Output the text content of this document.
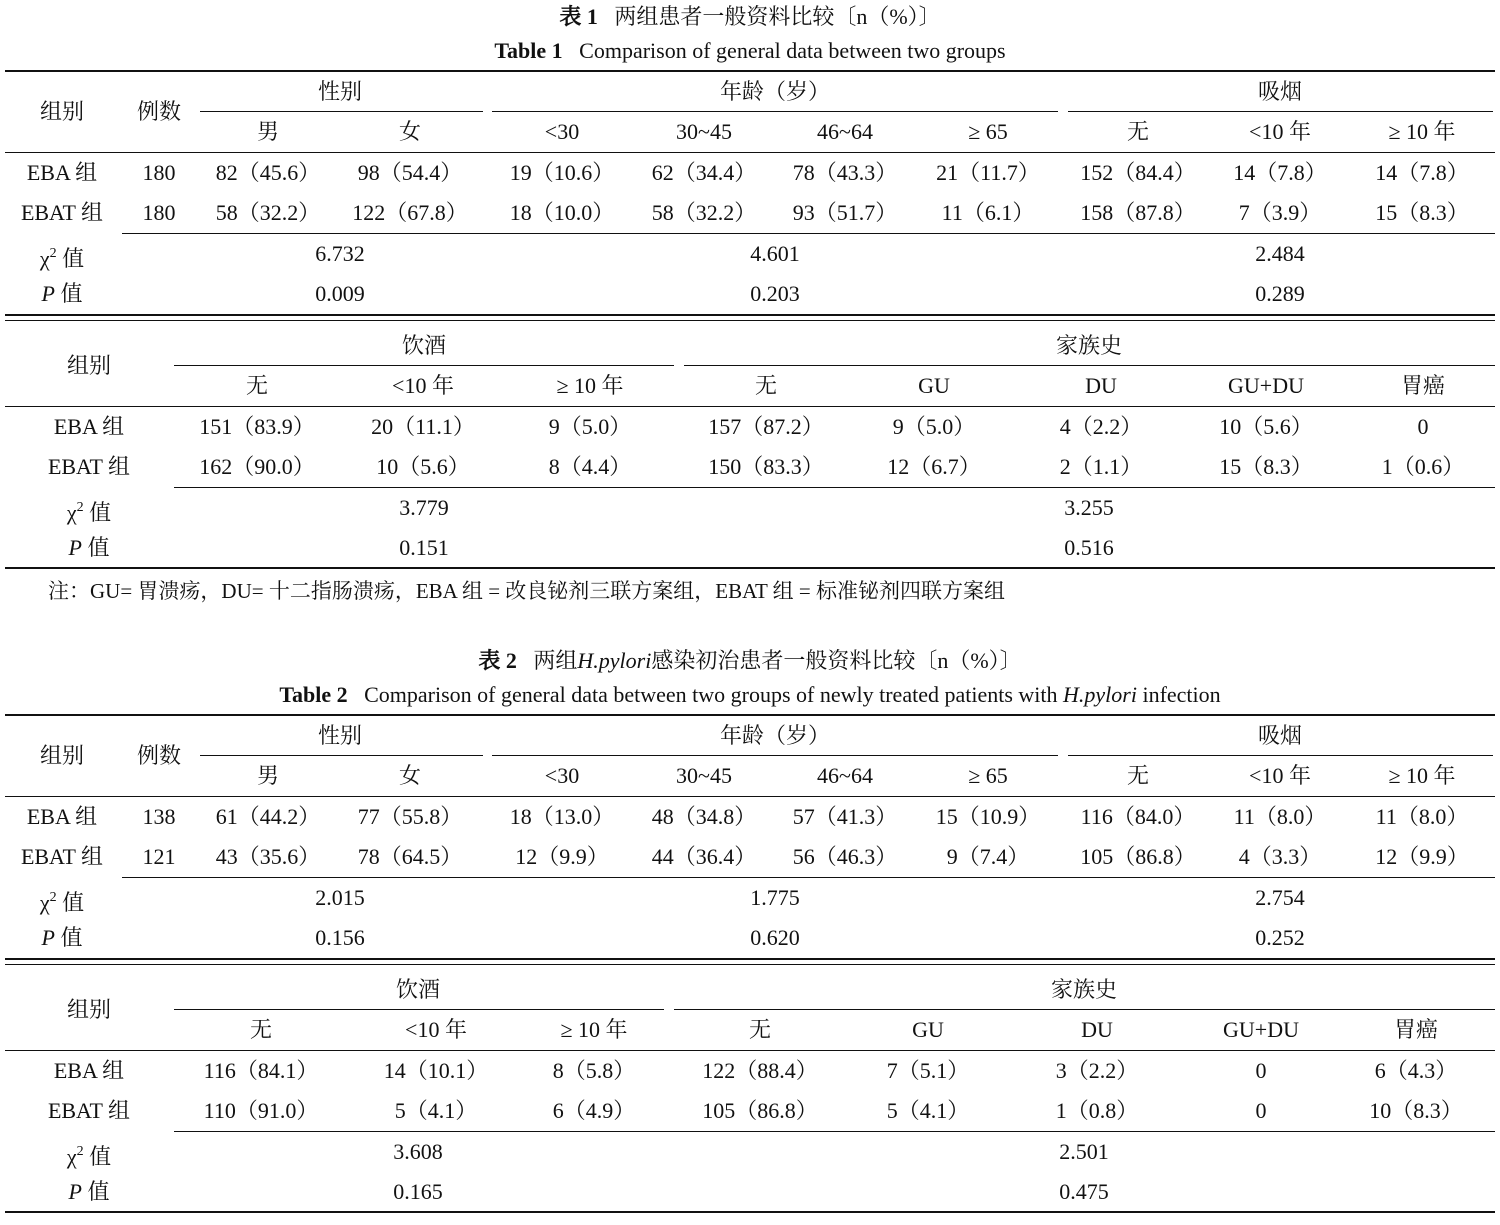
表 1 两组患者一般资料比较〔n（%）〕
Table 1 Comparison of general data between two groups
组别 例数
性别	年龄（岁）	吸烟
男	女	<30	30~45	46~64	≥ 65	无	<10 年	≥ 10 年
EBA 组 180 82（45.6） 98（54.4） 19（10.6） 62（34.4） 78（43.3） 21（11.7） 152（84.4） 14（7.8） 14（7.8）
EBAT 组 180 58（32.2） 122（67.8） 18（10.0） 58（32.2） 93（51.7） 11（6.1） 158（87.8） 7（3.9） 15（8.3）
$\chi^2$ 值	6.732	4.601	2.484
P 值	0.009	0.203	0.289
组别
饮酒	家族史
无	<10 年	≥ 10 年	无	GU	DU	GU+DU	胃癌
EBA 组	151（83.9）	20（11.1）	9（5.0）	157（87.2）	9（5.0）	4（2.2）	10（5.6）	0
EBAT 组	162（90.0）	10（5.6）	8（4.4）	150（83.3）	12（6.7）	2（1.1）	15（8.3）	1（0.6）
$\chi^2$ 值	3.779	3.255
P 值	0.151	0.516
注：GU= 胃溃疡，DU= 十二指肠溃疡，EBA 组 = 改良铋剂三联方案组，EBAT 组 = 标准铋剂四联方案组
表 2 两组H.pylori感染初治患者一般资料比较〔n（%）〕
Table 2 Comparison of general data between two groups of newly treated patients with H.pylori infection
组别 例数
性别	年龄（岁）	吸烟
男	女	<30	30~45	46~64	≥ 65	无	<10 年	≥ 10 年
EBA 组 138 61（44.2） 77（55.8） 18（13.0） 48（34.8） 57（41.3） 15（10.9） 116（84.0） 11（8.0） 11（8.0）
EBAT 组 121 43（35.6） 78（64.5） 12（9.9） 44（36.4） 56（46.3） 9（7.4） 105（86.8） 4（3.3） 12（9.9）
$\chi^2$ 值	2.015	1.775	2.754
P 值	0.156	0.620	0.252
组别
饮酒	家族史
无	<10 年	≥ 10 年	无	GU	DU	GU+DU	胃癌
EBA 组	116（84.1）	14（10.1）	8（5.8）	122（88.4）	7（5.1）	3（2.2）	0	6（4.3）
EBAT 组	110（91.0）	5（4.1）	6（4.9）	105（86.8）	5（4.1）	1（0.8）	0	10（8.3）
$\chi^2$ 值	3.608	2.501
P 值	0.165	0.475
